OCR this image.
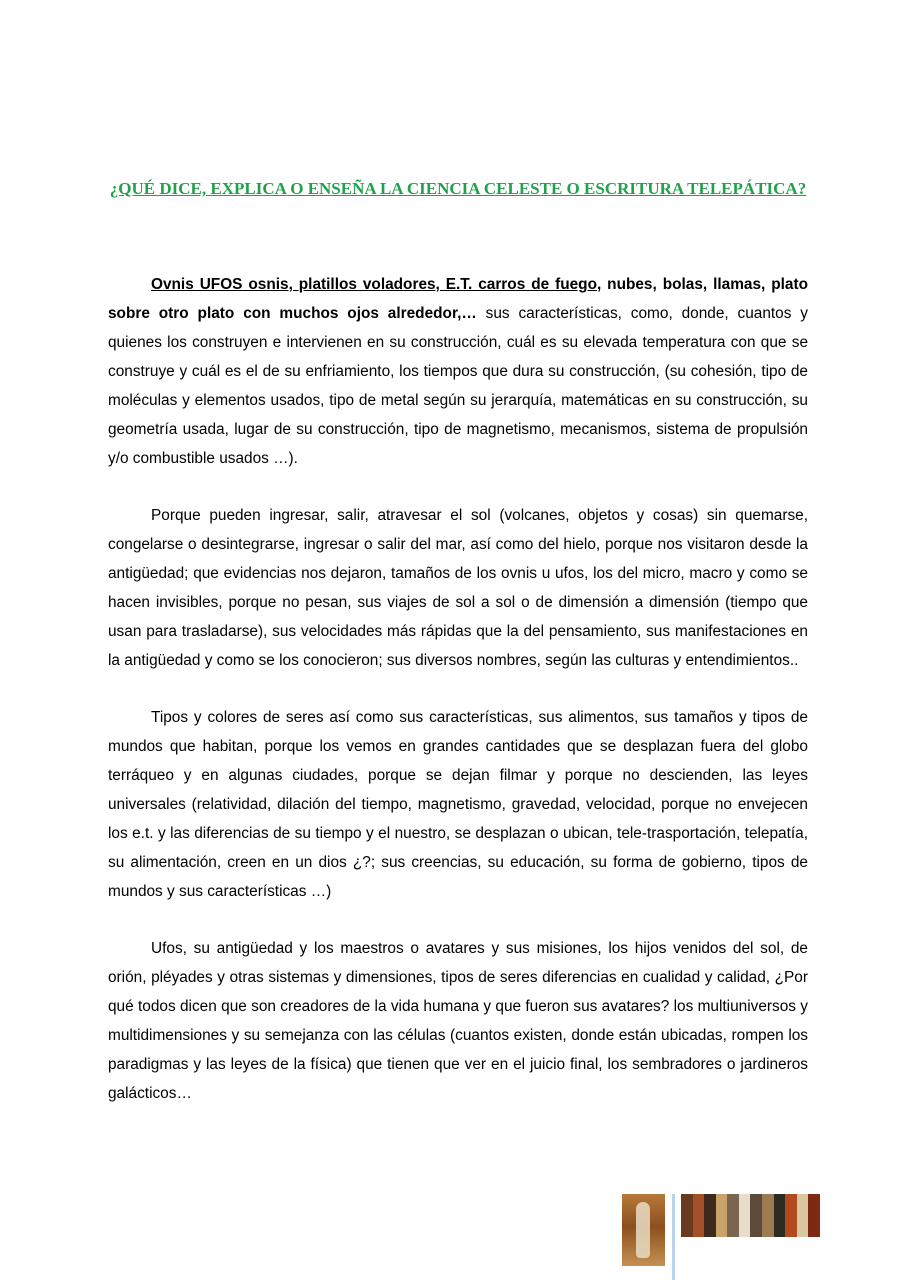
¿QUÉ DICE, EXPLICA O ENSEÑA LA CIENCIA CELESTE O ESCRITURA TELEPÁTICA?

Ovnis UFOS osnis, platillos voladores, E.T. carros de fuego, nubes, bolas, llamas, plato sobre otro plato con muchos ojos alrededor,… sus características, como, donde, cuantos y quienes los construyen e intervienen en su construcción, cuál es su elevada temperatura con que se construye y cuál es el de su enfriamiento, los tiempos que dura su construcción, (su cohesión, tipo de moléculas y elementos usados, tipo de metal según su jerarquía, matemáticas en su construcción, su geometría usada, lugar de su construcción, tipo de magnetismo, mecanismos, sistema de propulsión y/o combustible usados …).

Porque pueden ingresar, salir, atravesar el sol (volcanes, objetos y cosas) sin quemarse, congelarse o desintegrarse, ingresar o salir del mar, así como del hielo, porque nos visitaron desde la antigüedad; que evidencias nos dejaron, tamaños de los ovnis u ufos, los del micro, macro y como se hacen invisibles, porque no pesan, sus viajes de sol a sol o de dimensión a dimensión (tiempo que usan para trasladarse), sus velocidades más rápidas que la del pensamiento, sus manifestaciones en la antigüedad y como se los conocieron; sus diversos nombres, según las culturas y entendimientos..

Tipos y colores de seres así como sus características, sus alimentos, sus tamaños y tipos de mundos que habitan, porque los vemos en grandes cantidades que se desplazan fuera del globo terráqueo y en algunas ciudades, porque se dejan filmar y porque no descienden, las leyes universales (relatividad, dilación del tiempo, magnetismo, gravedad, velocidad, porque no envejecen los e.t. y las diferencias de su tiempo y el nuestro, se desplazan o ubican, tele-trasportación, telepatía, su alimentación, creen en un dios ¿?; sus creencias, su educación, su forma de gobierno, tipos de mundos y sus características …)

Ufos, su antigüedad y los maestros o avatares y sus misiones, los hijos venidos del sol, de orión, pléyades y otras sistemas y dimensiones, tipos de seres diferencias en cualidad y calidad, ¿Por qué todos dicen que son creadores de la vida humana y que fueron sus avatares? los multiuniversos y multidimensiones y su semejanza con las células (cuantos existen, donde están ubicadas, rompen los paradigmas y las leyes de la física) que tienen que ver en el juicio final, los sembradores o jardineros galácticos…
